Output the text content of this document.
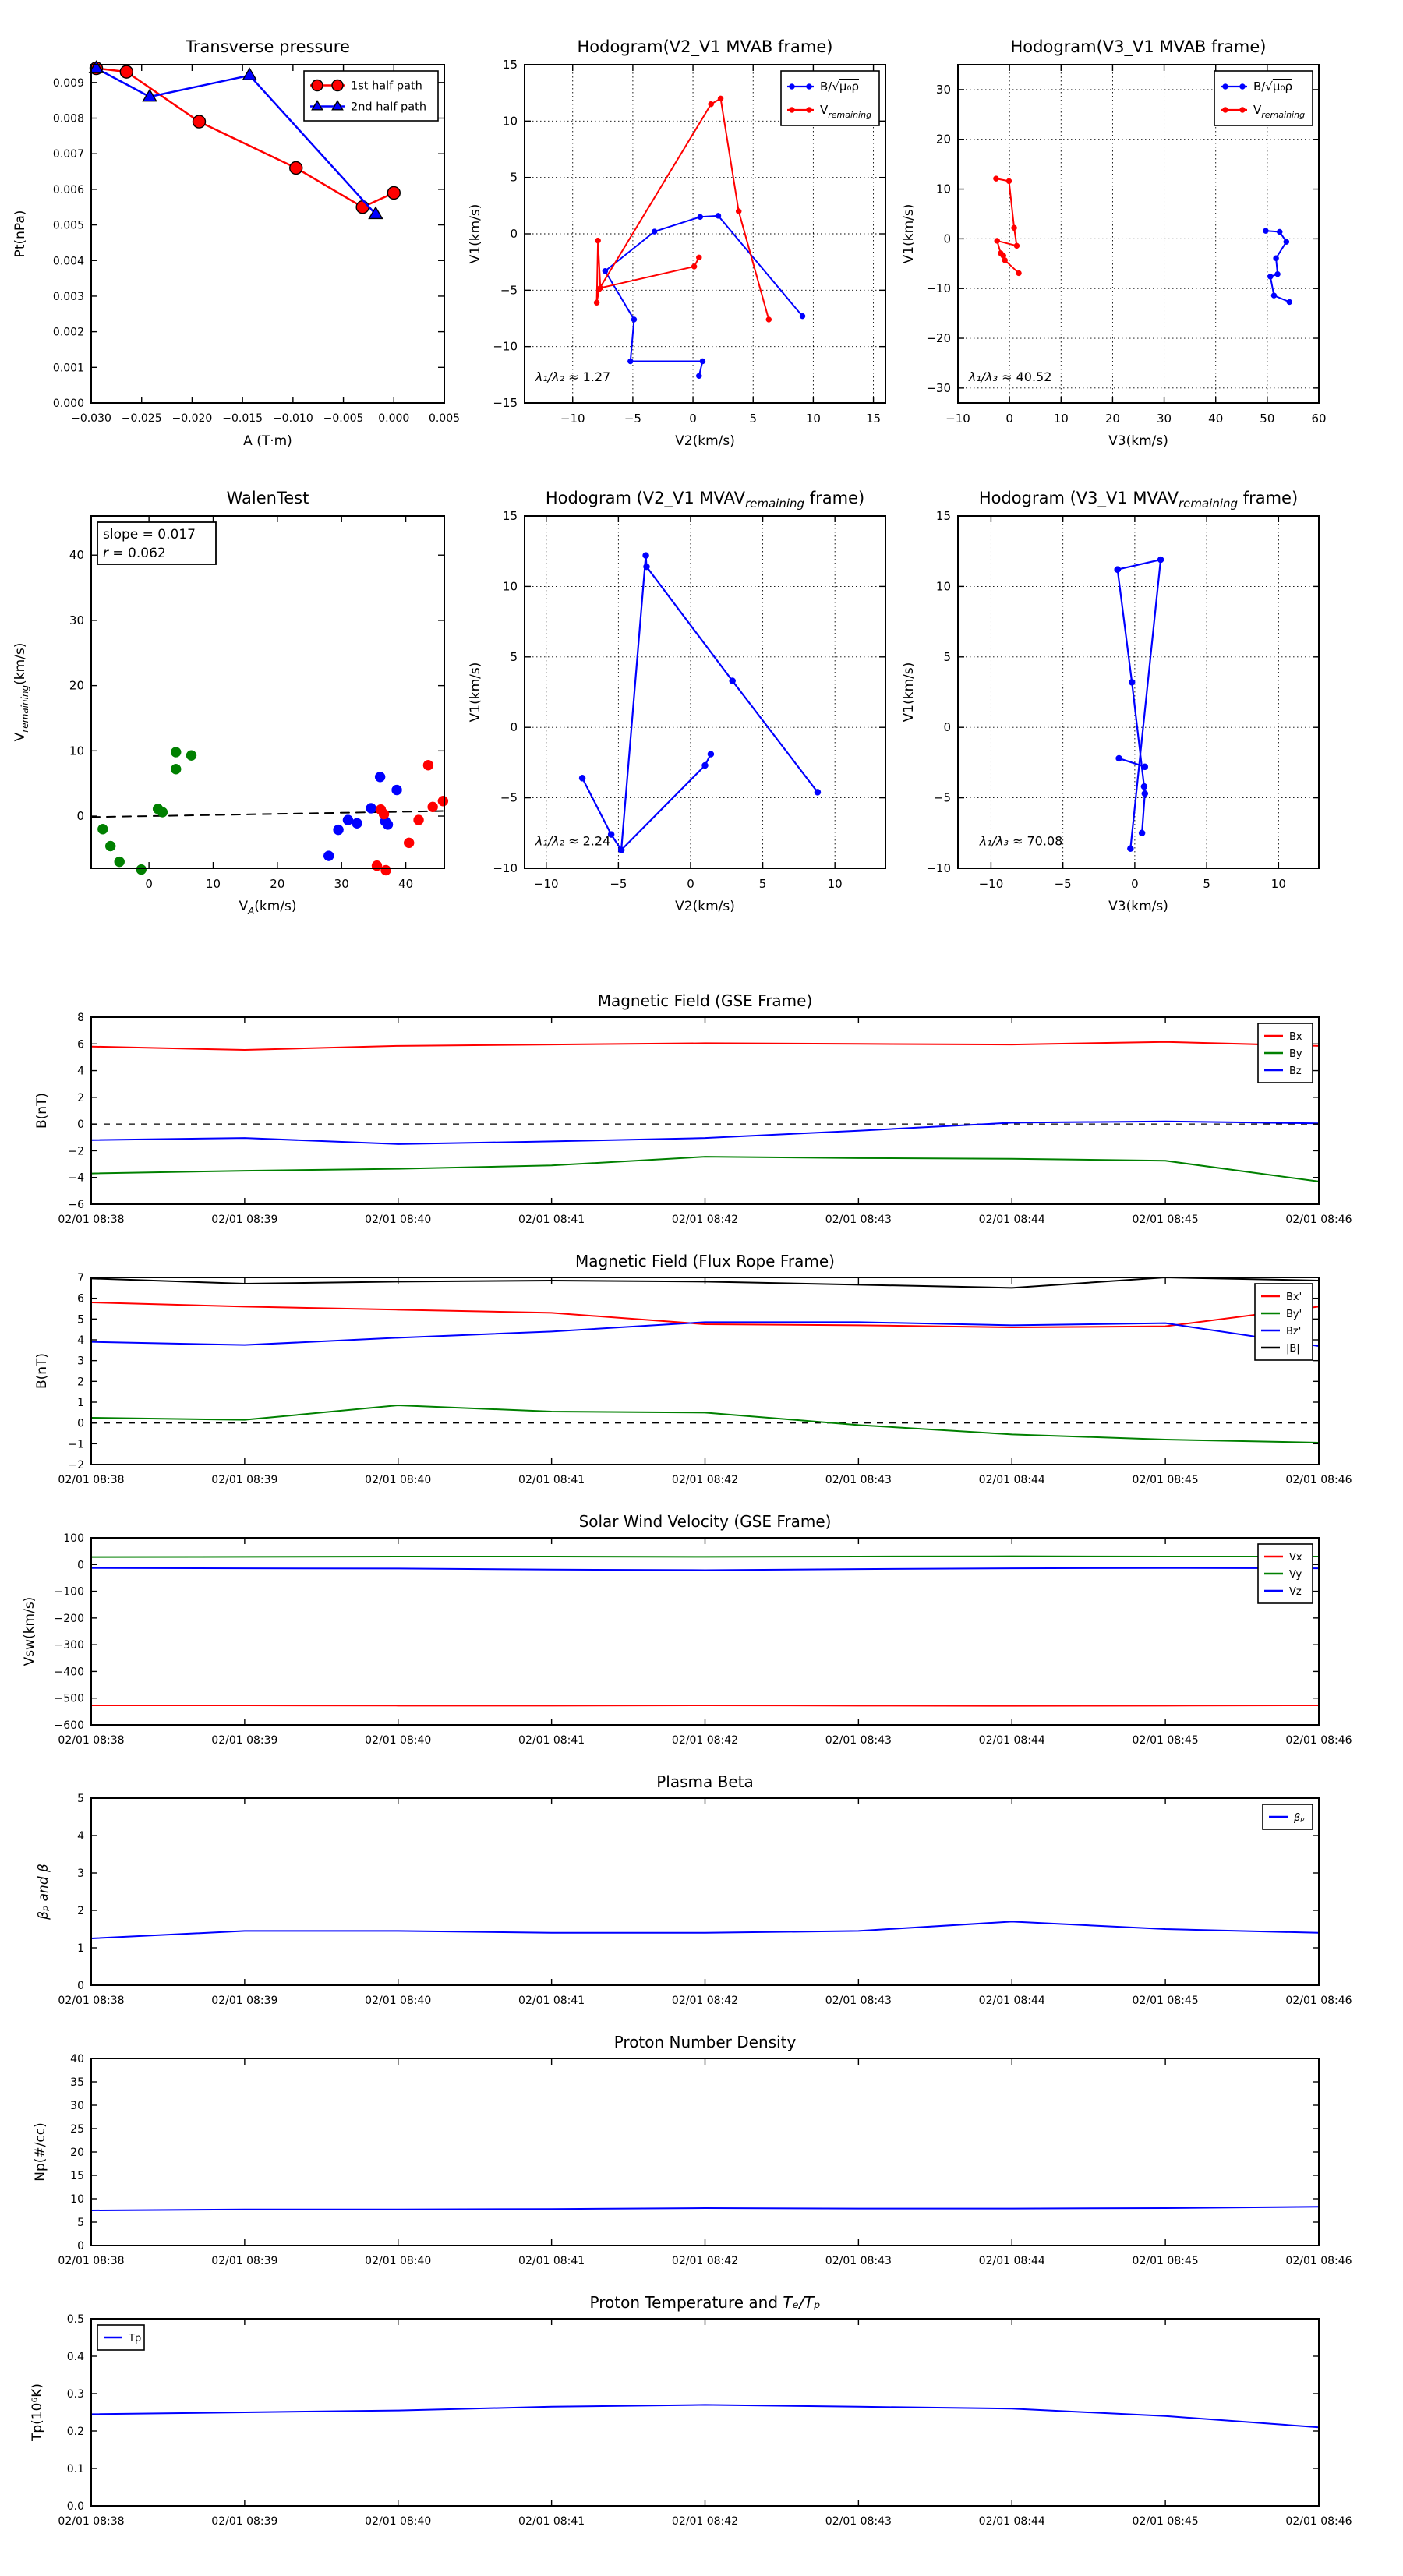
−0.030 −0.025 −0.020 −0.015 −0.010 −0.005 0.000 0.005
0.000
0.001
0.002
0.003
0.004
0.005
0.006
0.007
0.008
0.009
Transverse pressure
A (T·m)
Pt(nPa)
1st half path
2nd half path
−10	−5	0	5	10	15
−15
−10
−5
0
5
10
15
Hodogram(V2_V1 MVAB frame)
V2(km/s)
V1(km/s)
B/√μ₀ρ
$V_{remaining}$
λ₁/λ₂ ≈ 1.27
−10	0	10	20	30	40	50	60
−30
−20
−10
0
10
20
30
Hodogram(V3_V1 MVAB frame)
V3(km/s)
V1(km/s)
B/√μ₀ρ
$V_{remaining}$
λ₁/λ₃ ≈ 40.52
0	10	20	30	40
0
10
20
30
40
WalenTest
$V_A(km/s)$
$V_{remaining}(km/s)$
slope = 0.017
r = 0.062
−10	−5	0	5	10
−10
−5
0
5
10
15
Hodogram (V2_V1 $MVAV_{remaining}$ frame)
V2(km/s)
V1(km/s)
λ₁/λ₂ ≈ 2.24
−10	−5	0	5	10
−10
−5
0
5
10
15
Hodogram (V3_V1 $MVAV_{remaining}$ frame)
V3(km/s)
V1(km/s)
λ₁/λ₃ ≈ 70.08
02/01 08:38	02/01 08:39	02/01 08:40	02/01 08:41	02/01 08:42	02/01 08:43	02/01 08:44	02/01 08:45	02/01 08:46
−6
−4
−2
0
2
4
6
8
Magnetic Field (GSE Frame)
B(nT)
Bx
By
Bz
02/01 08:38	02/01 08:39	02/01 08:40	02/01 08:41	02/01 08:42	02/01 08:43	02/01 08:44	02/01 08:45	02/01 08:46
−2
−1
0
1
2
3
4
5
6
7
Magnetic Field (Flux Rope Frame)
B(nT)
Bx'
By'
Bz'
|B|
02/01 08:38	02/01 08:39	02/01 08:40	02/01 08:41	02/01 08:42	02/01 08:43	02/01 08:44	02/01 08:45	02/01 08:46
−600
−500
−400
−300
−200
−100
0
100
Solar Wind Velocity (GSE Frame)
Vsw(km/s)
Vx
Vy
Vz
02/01 08:38	02/01 08:39	02/01 08:40	02/01 08:41	02/01 08:42	02/01 08:43	02/01 08:44	02/01 08:45	02/01 08:46
0
1
2
3
4
5
Plasma Beta
βₚ and β
βₚ
02/01 08:38	02/01 08:39	02/01 08:40	02/01 08:41	02/01 08:42	02/01 08:43	02/01 08:44	02/01 08:45	02/01 08:46
0
5
10
15
20
25
30
35
40
Proton Number Density
Np(#/cc)
02/01 08:38	02/01 08:39	02/01 08:40	02/01 08:41	02/01 08:42	02/01 08:43	02/01 08:44	02/01 08:45	02/01 08:46
0.0
0.1
0.2
0.3
0.4
0.5
Proton Temperature and Tₑ/Tₚ
Tp(10⁶K)
Tp
